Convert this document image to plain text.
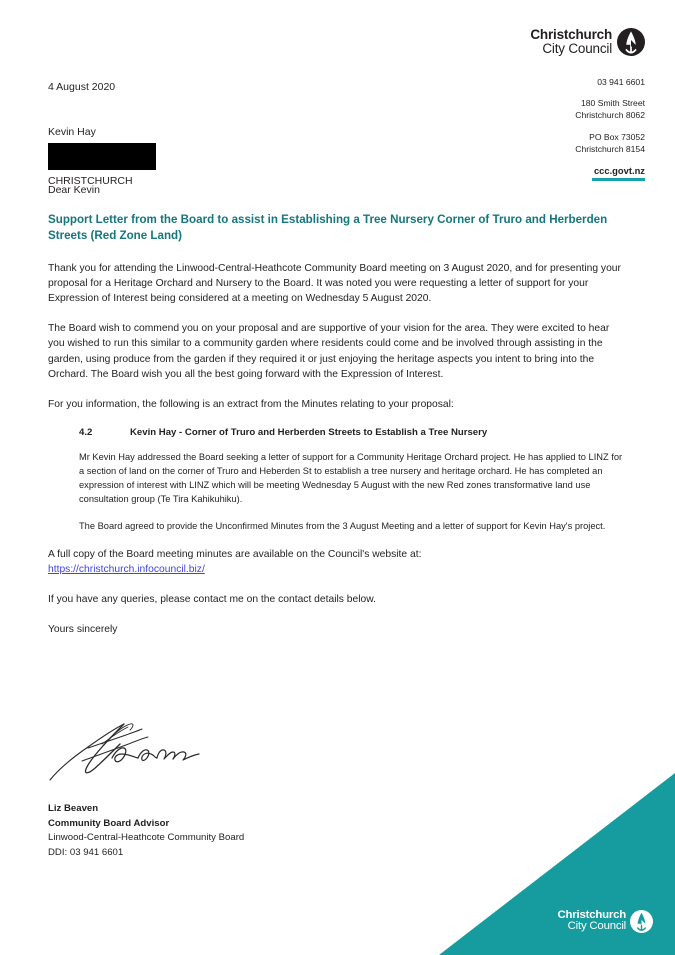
Christchurch
City Council
03 941 6601
180 Smith Street
Christchurch 8062
PO Box 73052
Christchurch 8154
ccc.govt.nz
4 August 2020
Kevin Hay
CHRISTCHURCH
Dear Kevin
Support Letter from the Board to assist in Establishing a Tree Nursery Corner of Truro and Herberden Streets (Red Zone Land)

Thank you for attending the Linwood-Central-Heathcote Community Board meeting on 3 August 2020, and for presenting your proposal for a Heritage Orchard and Nursery to the Board. It was noted you were requesting a letter of support for your Expression of Interest being considered at a meeting on Wednesday 5 August 2020.

The Board wish to commend you on your proposal and are supportive of your vision for the area. They were excited to hear you wished to run this similar to a community garden where residents could come and be involved through assisting in the garden, using produce from the garden if they required it or just enjoying the heritage aspects you intent to bring into the Orchard. The Board wish you all the best going forward with the Expression of Interest.

For you information, the following is an extract from the Minutes relating to your proposal:

4.2	Kevin Hay - Corner of Truro and Herberden Streets to Establish a Tree Nursery

Mr Kevin Hay addressed the Board seeking a letter of support for a Community Heritage Orchard project. He has applied to LINZ for a section of land on the corner of Truro and Heberden St to establish a tree nursery and heritage orchard. He has completed an expression of interest with LINZ which will be meeting Wednesday 5 August with the new Red zones transformative land use consultation group (Te Tira Kahikuhiku).

The Board agreed to provide the Unconfirmed Minutes from the 3 August Meeting and a letter of support for Kevin Hay's project.

A full copy of the Board meeting minutes are available on the Council's website at:
https://christchurch.infocouncil.biz/

If you have any queries, please contact me on the contact details below.

Yours sincerely

Liz Beaven
Community Board Advisor
Linwood-Central-Heathcote Community Board
DDI: 03 941 6601
Christchurch
City Council
